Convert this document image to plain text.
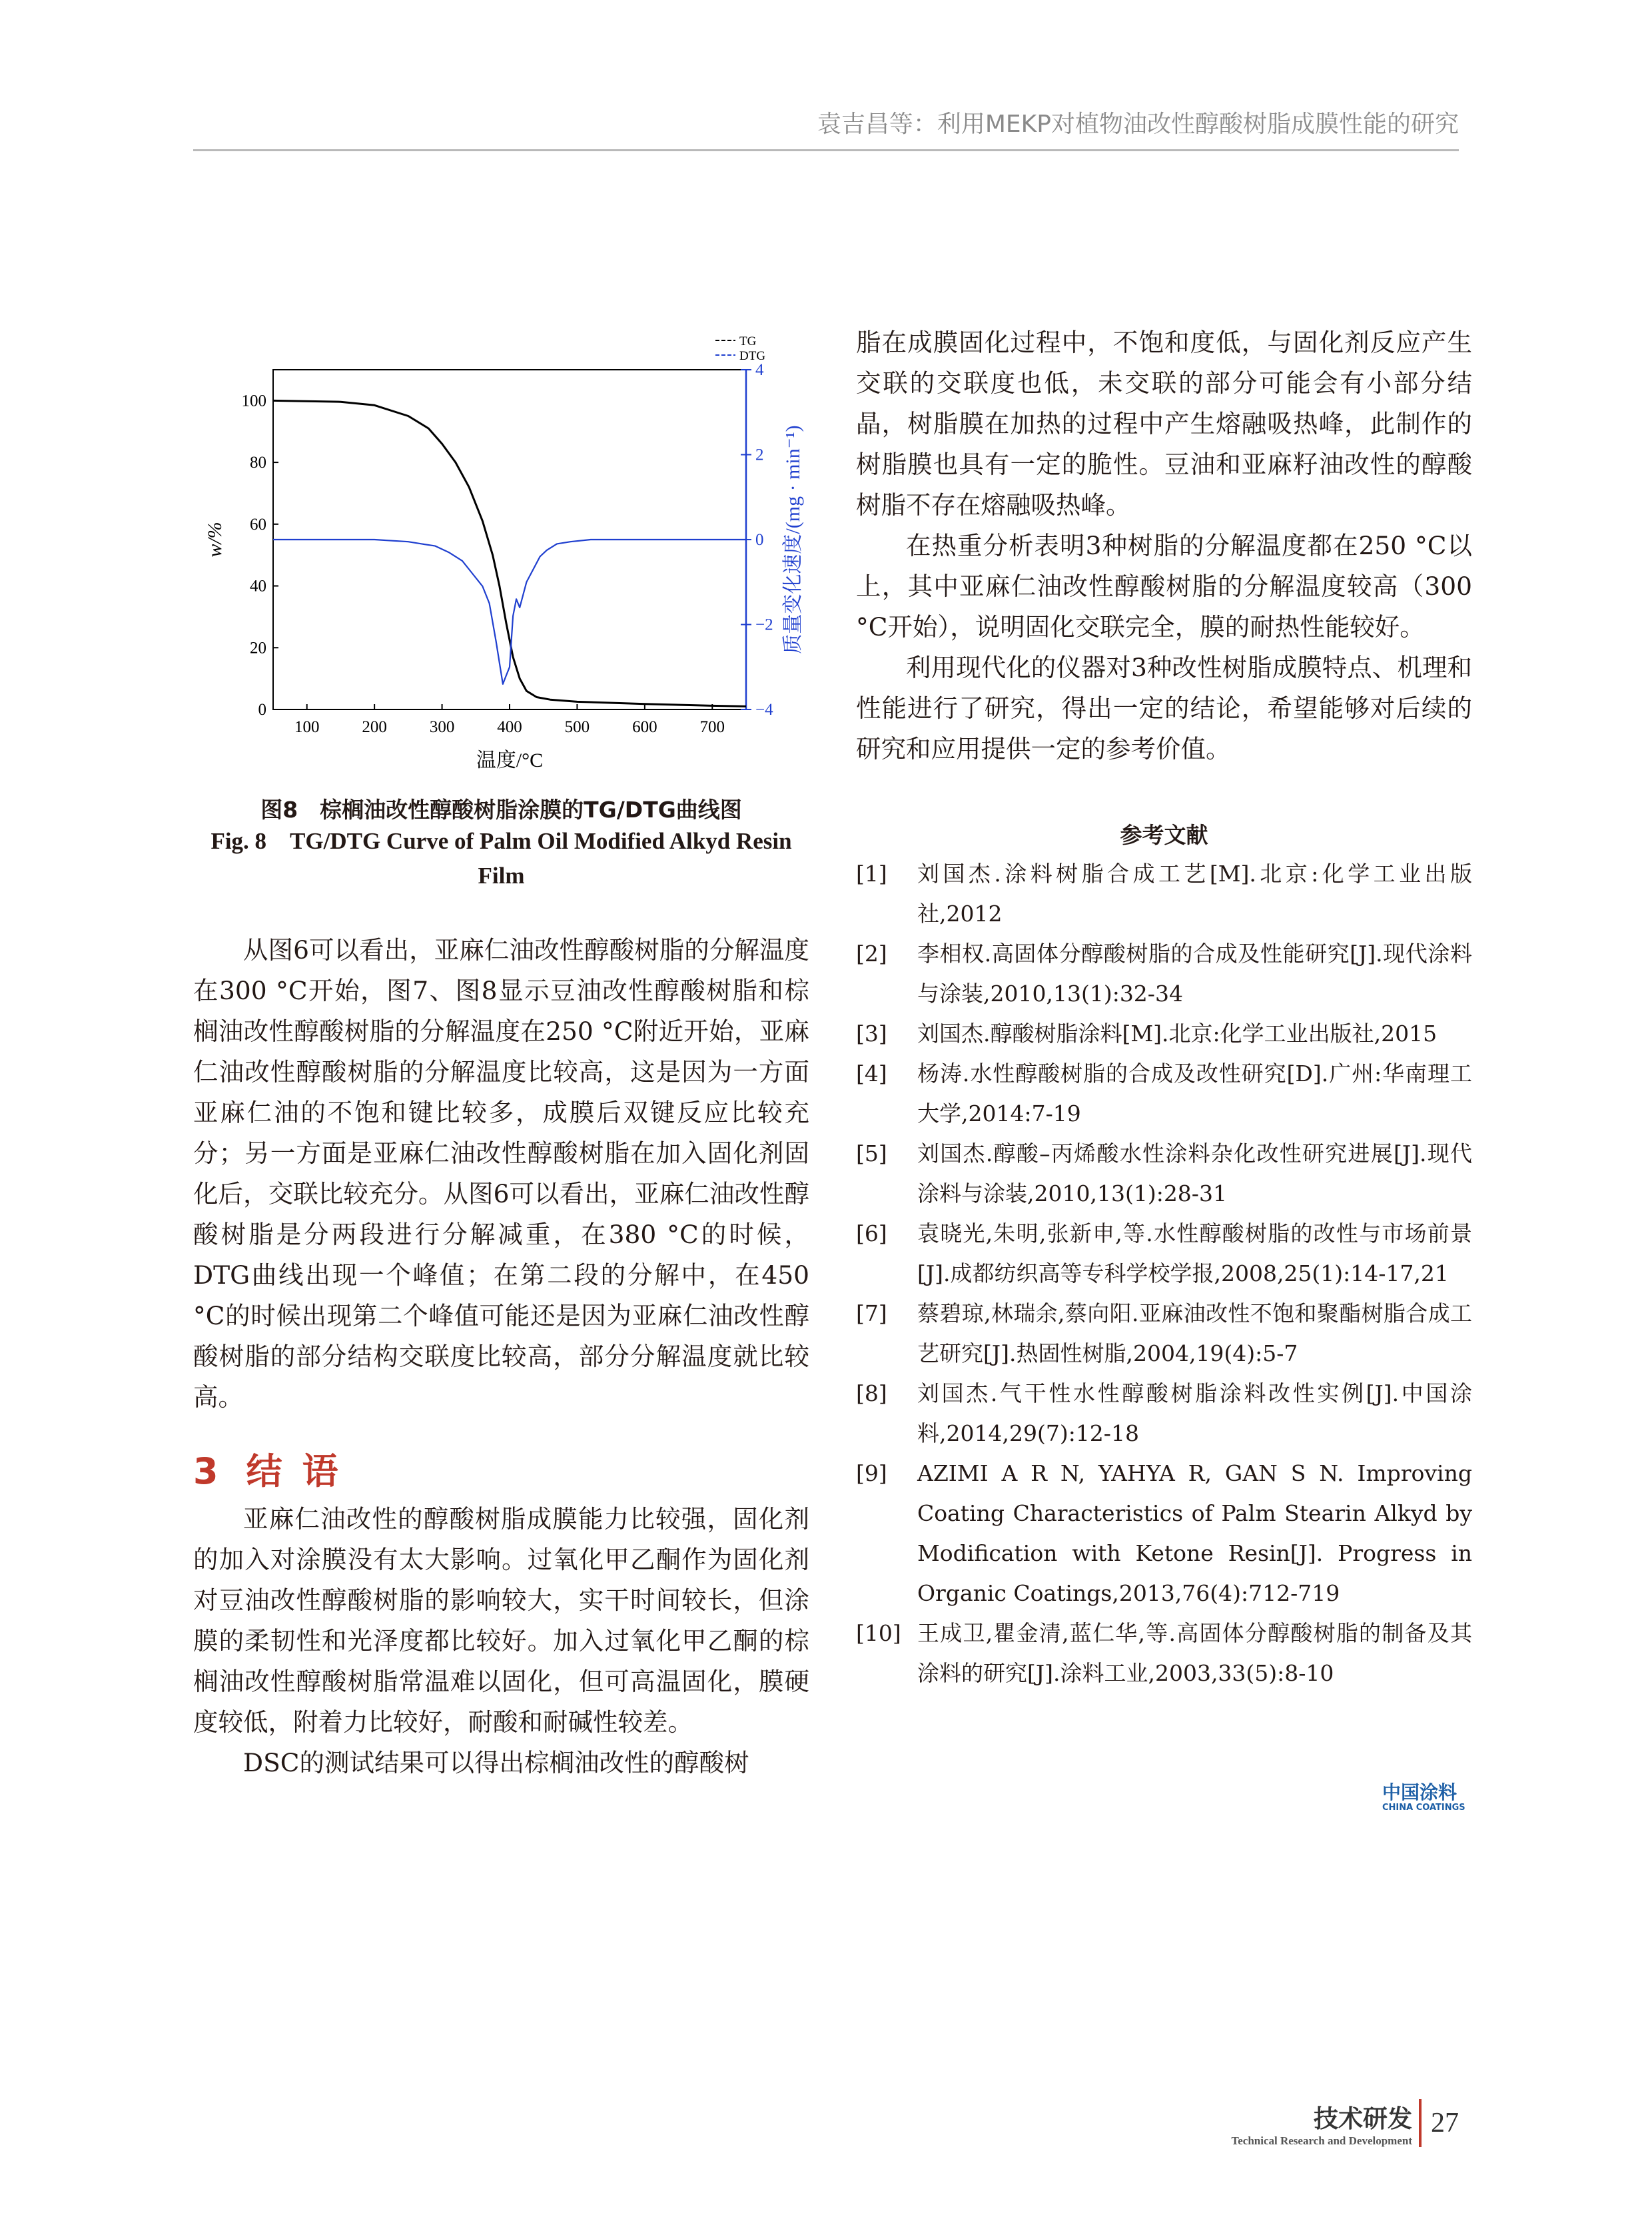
袁吉昌等：利用MEKP对植物油改性醇酸树脂成膜性能的研究
100	200	300	400	500	600	700
0
20
40
60
80
100
−4
−2
0
2
4
温度/°C
w/%	质量变化速度/(mg · min⁻¹)
TG
DTG
图8　棕榈油改性醇酸树脂涂膜的TG/DTG曲线图
Fig. 8　TG/DTG Curve of Palm Oil Modified Alkyd Resin
Film

从图6可以看出，亚麻仁油改性醇酸树脂的分解温度在300 °C开始，图7、图8显示豆油改性醇酸树脂和棕榈油改性醇酸树脂的分解温度在250 °C附近开始，亚麻仁油改性醇酸树脂的分解温度比较高，这是因为一方面亚麻仁油的不饱和键比较多，成膜后双键反应比较充分；另一方面是亚麻仁油改性醇酸树脂在加入固化剂固化后，交联比较充分。从图6可以看出，亚麻仁油改性醇酸树脂是分两段进行分解减重，在380 °C的时候，DTG曲线出现一个峰值；在第二段的分解中，在450 °C的时候出现第二个峰值可能还是因为亚麻仁油改性醇酸树脂的部分结构交联度比较高，部分分解温度就比较高。

3 结语

亚麻仁油改性的醇酸树脂成膜能力比较强，固化剂的加入对涂膜没有太大影响。过氧化甲乙酮作为固化剂对豆油改性醇酸树脂的影响较大，实干时间较长，但涂膜的柔韧性和光泽度都比较好。加入过氧化甲乙酮的棕榈油改性醇酸树脂常温难以固化，但可高温固化，膜硬度较低，附着力比较好，耐酸和耐碱性较差。

DSC的测试结果可以得出棕榈油改性的醇酸树

脂在成膜固化过程中，不饱和度低，与固化剂反应产生交联的交联度也低，未交联的部分可能会有小部分结晶，树脂膜在加热的过程中产生熔融吸热峰，此制作的树脂膜也具有一定的脆性。豆油和亚麻籽油改性的醇酸树脂不存在熔融吸热峰。

在热重分析表明3种树脂的分解温度都在250 °C以上，其中亚麻仁油改性醇酸树脂的分解温度较高（300 °C开始），说明固化交联完全，膜的耐热性能较好。

利用现代化的仪器对3种改性树脂成膜特点、机理和性能进行了研究，得出一定的结论，希望能够对后续的研究和应用提供一定的参考价值。

参考文献
[1]	刘国杰.涂料树脂合成工艺[M].北京:化学工业出版社,2012
[2]	李相权.高固体分醇酸树脂的合成及性能研究[J].现代涂料与涂装,2010,13(1):32-34
[3]	刘国杰.醇酸树脂涂料[M].北京:化学工业出版社,2015
[4]	杨涛.水性醇酸树脂的合成及改性研究[D].广州:华南理工大学,2014:7-19
[5]	刘国杰.醇酸–丙烯酸水性涂料杂化改性研究进展[J].现代涂料与涂装,2010,13(1):28-31
[6]	袁晓光,朱明,张新申,等.水性醇酸树脂的改性与市场前景[J].成都纺织高等专科学校学报,2008,25(1):14-17,21
[7]	蔡碧琼,林瑞余,蔡向阳.亚麻油改性不饱和聚酯树脂合成工艺研究[J].热固性树脂,2004,19(4):5-7
[8]	刘国杰.气干性水性醇酸树脂涂料改性实例[J].中国涂料,2014,29(7):12-18
[9]	AZIMI A R N, YAHYA R, GAN S N. Improving Coating Characteristics of Palm Stearin Alkyd by Modification with Ketone Resin[J]. Progress in Organic Coatings,2013,76(4):712-719
[10] 王成卫,瞿金清,蓝仁华,等.高固体分醇酸树脂的制备及其涂料的研究[J].涂料工业,2003,33(5):8-10
中国涂料
CHINA COATINGS
技术研发
Technical Research and Development
27
